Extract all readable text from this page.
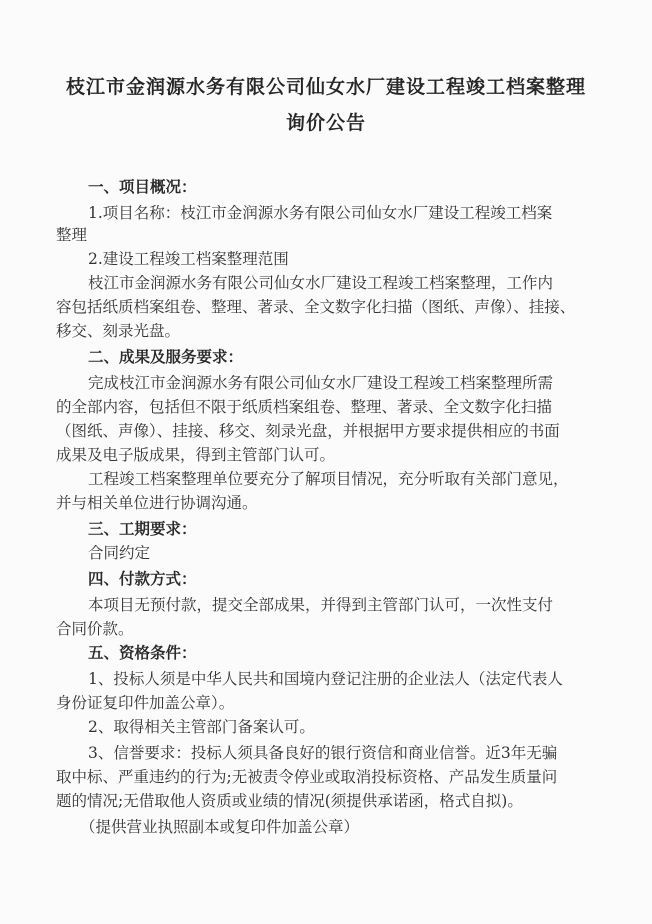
枝江市金润源水务有限公司仙女水厂建设工程竣工档案整理
询价公告
一、项目概况：
1.项目名称：枝江市金润源水务有限公司仙女水厂建设工程竣工档案
整理
2.建设工程竣工档案整理范围
枝江市金润源水务有限公司仙女水厂建设工程竣工档案整理，工作内
容包括纸质档案组卷、整理、著录、全文数字化扫描（图纸、声像）、挂接、
移交、刻录光盘。
二、成果及服务要求：
完成枝江市金润源水务有限公司仙女水厂建设工程竣工档案整理所需
的全部内容，包括但不限于纸质档案组卷、整理、著录、全文数字化扫描
（图纸、声像）、挂接、移交、刻录光盘，并根据甲方要求提供相应的书面
成果及电子版成果，得到主管部门认可。
工程竣工档案整理单位要充分了解项目情况，充分听取有关部门意见，
并与相关单位进行协调沟通。
三、工期要求：
合同约定
四、付款方式：
本项目无预付款，提交全部成果，并得到主管部门认可，一次性支付
合同价款。
五、资格条件：
1、投标人须是中华人民共和国境内登记注册的企业法人（法定代表人
身份证复印件加盖公章）。
2、取得相关主管部门备案认可。
3、信誉要求：投标人须具备良好的银行资信和商业信誉。近3年无骗
取中标、严重违约的行为;无被责令停业或取消投标资格、产品发生质量问
题的情况;无借取他人资质或业绩的情况(须提供承诺函，格式自拟)。
（提供营业执照副本或复印件加盖公章）
